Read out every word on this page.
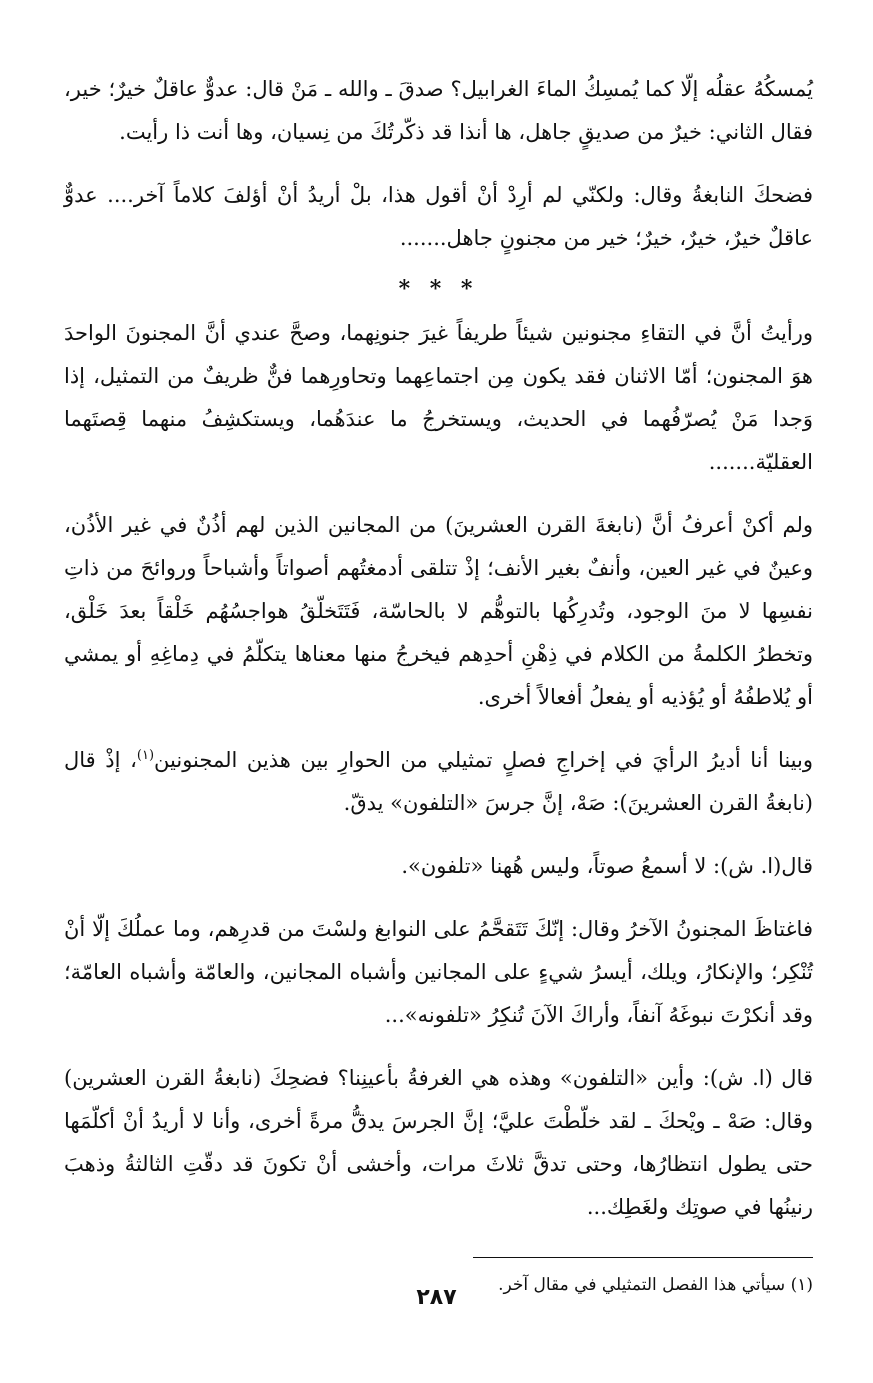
يُمسكُهُ عقلُه إلّا كما يُمسِكُ الماءَ الغرابيل؟ صدقَ ـ والله ـ مَنْ قال: عدوٌّ عاقلٌ خيرٌ؛ خير، فقال الثاني: خيرٌ من صديقٍ جاهل، ها أنذا قد ذكّرتُكَ من نِسيان، وها أنت ذا رأيت.

فضحكَ النابغةُ وقال: ولكنّي لم أرِدْ أنْ أقول هذا، بلْ أريدُ أنْ أؤلفَ كلاماً آخر.... عدوٌّ عاقلٌ خيرٌ، خيرٌ، خيرٌ؛ خير من مجنونٍ جاهل.......

* * *

ورأيتُ أنَّ في التقاءِ مجنونين شيئاً طريفاً غيرَ جنونِهما، وصحَّ عندي أنَّ المجنونَ الواحدَ هوَ المجنون؛ أمّا الاثنان فقد يكون مِن اجتماعِهما وتحاورِهما فنٌّ ظريفٌ من التمثيل، إذا وَجدا مَنْ يُصرّفُهما في الحديث، ويستخرجُ ما عندَهُما، ويستكشِفُ منهما قِصتَهما العقليّة.......

ولم أكنْ أعرفُ أنَّ (نابغةَ القرن العشرينَ) من المجانين الذين لهم أذُنٌ في غير الأذُن، وعينٌ في غير العين، وأنفٌ بغير الأنف؛ إذْ تتلقى أدمغتُهم أصواتاً وأشباحاً وروائحَ من ذاتِ نفسِها لا منَ الوجود، وتُدرِكُها بالتوهُّم لا بالحاسّة، فَتَتَخلّقُ هواجسُهُم خَلْقاً بعدَ خَلْق، وتخطرُ الكلمةُ من الكلام في ذِهْنِ أحدِهم فيخرجُ منها معناها يتكلّمُ في دِماغِهِ أو يمشي أو يُلاطفُهُ أو يُؤذيه أو يفعلُ أفعالاً أخرى.

وبينا أنا أديرُ الرأيَ في إخراجِ فصلٍ تمثيلي من الحوارِ بين هذين المجنونين$^{(١)}$، إذْ قال (نابغةُ القرن العشرينَ): صَهْ، إنَّ جرسَ «التلفون» يدقّ.

قال(ا. ش): لا أسمعُ صوتاً، وليس هُهنا «تلفون».

فاغتاظَ المجنونُ الآخرُ وقال: إنّكَ تَتَقحَّمُ على النوابغ ولسْتَ من قدرِهم، وما عملُكَ إلّا أنْ تُنْكِر؛ والإنكارُ، ويلك، أيسرُ شيءٍ على المجانين وأشباه المجانين، والعامّة وأشباه العامّة؛ وقد أنكرْتَ نبوغَهُ آنفاً، وأراكَ الآنَ تُنكِرُ «تلفونه»...

قال (ا. ش): وأين «التلفون» وهذه هي الغرفةُ بأعينِنا؟ فضحِكَ (نابغةُ القرن العشرين) وقال: صَهْ ـ ويْحكَ ـ لقد خلّطْتَ عليَّ؛ إنَّ الجرسَ يدقُّ مرةً أخرى، وأنا لا أريدُ أنْ أكلّمَها حتى يطول انتظارُها، وحتى تدقَّ ثلاثَ مرات، وأخشى أنْ تكونَ قد دقّتِ الثالثةُ وذهبَ رنينُها في صوتِك ولغَطِك...

(١) سيأتي هذا الفصل التمثيلي في مقال آخر.

٢٨٧
